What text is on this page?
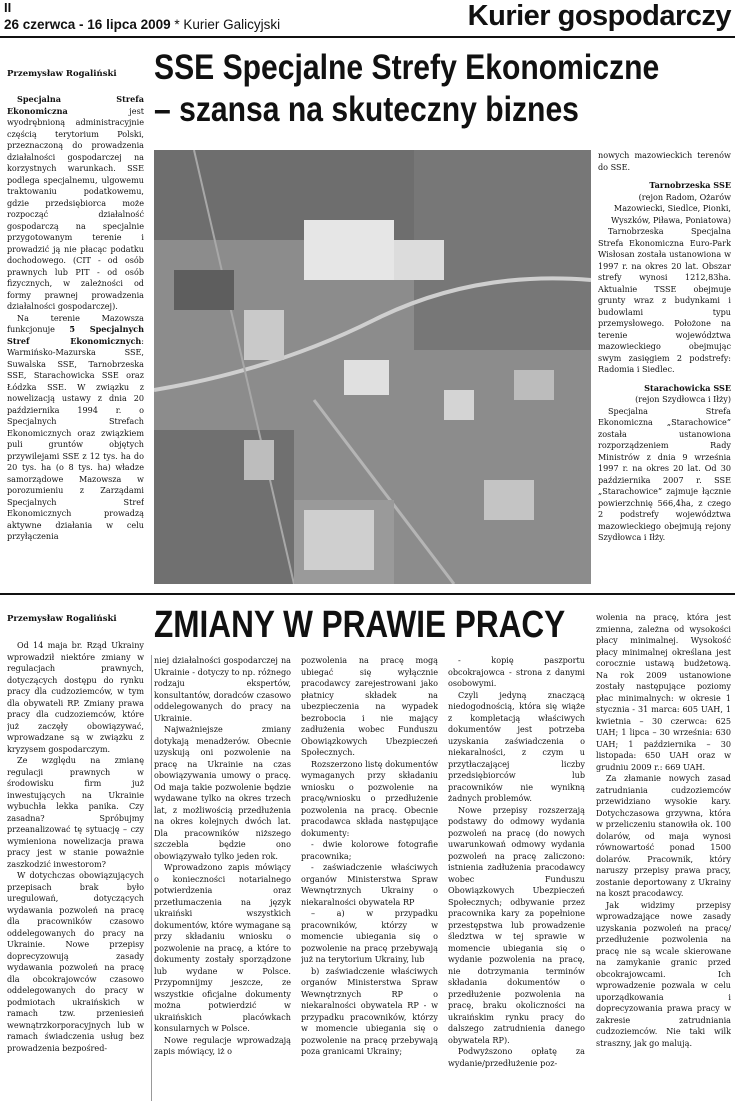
II
26 czerwca - 16 lipca 2009 * Kurier Galicyjski	Kurier gospodarczy
Przemysław Rogaliński SSE Specjalne Strefy Ekonomiczne
– szansa na skuteczny biznes

Specjalna Strefa Ekonomiczna jest wyodrębnioną administracyjnie częścią terytorium Polski, przeznaczoną do prowadzenia działalności gospodarczej na korzystnych warunkach. SSE podlega specjalnemu, ulgowemu traktowaniu podatkowemu, gdzie przedsiębiorca może rozpocząć działalność gospodarczą na specjalnie przygotowanym terenie i prowadzić ją nie płacąc podatku dochodowego. (CIT - od osób prawnych lub PIT - od osób fizycznych, w zależności od formy prawnej prowadzenia działalności gospodarczej).

Na terenie Mazowsza funkcjonuje 5 Specjalnych Stref Ekonomicznych: Warmińsko-Mazurska SSE, Suwalska SSE, Tarnobrzeska SSE, Starachowicka SSE oraz Łódzka SSE. W związku z nowelizacją ustawy z dnia 20 października 1994 r. o Specjalnych Strefach Ekonomicznych oraz związkiem puli gruntów objętych przywilejami SSE z 12 tys. ha do 20 tys. ha (o 8 tys. ha) władze samorządowe Mazowsza w porozumieniu z Zarządami Specjalnych Stref Ekonomicznych prowadzą aktywne działania w celu przyłączenia

nowych mazowieckich terenów do SSE.

Tarnobrzeska SSE

(rejon Radom, Ożarów Mazowiecki, Siedlce, Pionki, Wyszków, Piława, Poniatowa)

Tarnobrzeska Specjalna Strefa Ekonomiczna Euro-Park Wisłosan została ustanowiona w 1997 r. na okres 20 lat. Obszar strefy wynosi 1212,83ha. Aktualnie TSSE obejmuje grunty wraz z budynkami i budowlami typu przemysłowego. Położone na terenie województwa mazowieckiego obejmując swym zasięgiem 2 podstrefy: Radomia i Siedlec.

Starachowicka SSE

(rejon Szydłowca i Iłży)

Specjalna Strefa Ekonomiczna „Starachowice” została ustanowiona rozporządzeniem Rady Ministrów z dnia 9 września 1997 r. na okres 20 lat. Od 30 października 2007 r. SSE „Starachowice” zajmuje łącznie powierzchnię 566,4ha, z czego 2 podstrefy województwa mazowieckiego obejmują rejony Szydłowca i Iłży.

Przemysław Rogaliński ZMIANY W PRAWIE PRACY

Od 14 maja br. Rząd Ukrainy wprowadził niektóre zmiany w regulacjach prawnych, dotyczących dostępu do rynku pracy dla cudzoziemców, w tym dla obywateli RP. Zmiany prawa pracy dla cudzoziemców, które już zaczęły obowiązywać, wprowadzane są w związku z kryzysem gospodarczym.

Ze względu na zmianę regulacji prawnych w środowisku firm już inwestujących na Ukrainie wybuchła lekka panika. Czy zasadna? Spróbujmy przeanalizować tę sytuację – czy wymieniona nowelizacja prawa pracy jest w stanie poważnie zaszkodzić inwestorom?

W dotychczas obowiązujących przepisach brak było uregulowań, dotyczących wydawania pozwoleń na pracę dla pracowników czasowo oddelegowanych do pracy na Ukrainie. Nowe przepisy doprecyzowują zasady wydawania pozwoleń na pracę dla obcokrajowców czasowo oddelegowanych do pracy w podmiotach ukraińskich w ramach tzw. przeniesień wewnątrzkorporacyjnych lub w ramach świadczenia usług bez prowadzenia bezpośred-

niej działalności gospodarczej na Ukrainie - dotyczy to np. różnego rodzaju ekspertów, konsultantów, doradców czasowo oddelegowanych do pracy na Ukrainie.

Najważniejsze zmiany dotykają menadżerów. Obecnie uzyskują oni pozwolenie na pracę na Ukrainie na czas obowiązywania umowy o pracę. Od maja takie pozwolenie będzie wydawane tylko na okres trzech lat, z możliwością przedłużenia na okres kolejnych dwóch lat. Dla pracowników niższego szczebla będzie ono obowiązywało tylko jeden rok.

Wprowadzono zapis mówiący o konieczności notarialnego potwierdzenia oraz przetłumaczenia na język ukraiński wszystkich dokumentów, które wymagane są przy składaniu wniosku o pozwolenie na pracę, a które to dokumenty zostały sporządzone lub wydane w Polsce. Przypomnijmy jeszcze, ze wszystkie oficjalne dokumenty można potwierdzić w ukraińskich placówkach konsularnych w Polsce.

Nowe regulacje wprowadzają zapis mówiący, iż o

pozwolenia na pracę mogą ubiegać się wyłącznie pracodawcy zarejestrowani jako płatnicy składek na ubezpieczenia na wypadek bezrobocia i nie mający zadłużenia wobec Funduszu Obowiązkowych Ubezpieczeń Społecznych.

Rozszerzono listę dokumentów wymaganych przy składaniu wniosku o pozwolenie na pracę/wniosku o przedłużenie pozwolenia na pracę. Obecnie pracodawca składa następujące dokumenty:

- dwie kolorowe fotografie pracownika;

- zaświadczenie właściwych organów Ministerstwa Spraw Wewnętrznych Ukrainy o niekaralności obywatela RP

– a) w przypadku pracowników, którzy w momencie ubiegania się o pozwolenie na pracę przebywają już na terytorium Ukrainy, lub

b) zaświadczenie właściwych organów Ministerstwa Spraw Wewnętrznych RP o niekaralności obywatela RP - w przypadku pracowników, którzy w momencie ubiegania się o pozwolenie na pracę przebywają poza granicami Ukrainy;

- kopię paszportu obcokrajowca - strona z danymi osobowymi.

Czyli jedyną znaczącą niedogodnością, która się wiąże z kompletacją właściwych dokumentów jest potrzeba uzyskania zaświadczenia o niekaralności, z czym u przytłaczającej liczby przedsiębiorców lub pracowników nie wynikną żadnych problemów.

Nowe przepisy rozszerzają podstawy do odmowy wydania pozwoleń na pracę (do nowych uwarunkowań odmowy wydania pozwoleń na pracę zaliczono: istnienia zadłużenia pracodawcy wobec Funduszu Obowiązkowych Ubezpieczeń Społecznych; odbywanie przez pracownika kary za popełnione przestępstwa lub prowadzenie śledztwa w tej sprawie w momencie ubiegania się o wydanie pozwolenia na pracę, nie dotrzymania terminów składania dokumentów o przedłużenie pozwolenia na pracę, braku okoliczności na ukraińskim rynku pracy do dalszego zatrudnienia danego obywatela RP).

Podwyższono opłatę za wydanie/przedłużenie poz-

wolenia na pracę, która jest zmienna, zależna od wysokości płacy minimalnej. Wysokość płacy minimalnej określana jest corocznie ustawą budżetową. Na rok 2009 ustanowione zostały następujące poziomy płac minimalnych: w okresie 1 stycznia - 31 marca: 605 UAH, 1 kwietnia – 30 czerwca: 625 UAH; 1 lipca – 30 września: 630 UAH; 1 października – 30 listopada: 650 UAH oraz w grudniu 2009 r.: 669 UAH.

Za złamanie nowych zasad zatrudniania cudzoziemców przewidziano wysokie kary. Dotychczasowa grzywna, która w przeliczeniu stanowiła ok. 100 dolarów, od maja wynosi równowartość ponad 1500 dolarów. Pracownik, który naruszy przepisy prawa pracy, zostanie deportowany z Ukrainy na koszt pracodawcy.

Jak widzimy przepisy wprowadzające nowe zasady uzyskania pozwoleń na pracę/ przedłużenie pozwolenia na pracę nie są wcale skierowane na zamykanie granic przed obcokrajowcami. Ich wprowadzenie pozwala w celu uporządkowania i doprecyzowania prawa pracy w zakresie zatrudniania cudzoziemców. Nie taki wilk straszny, jak go malują.
